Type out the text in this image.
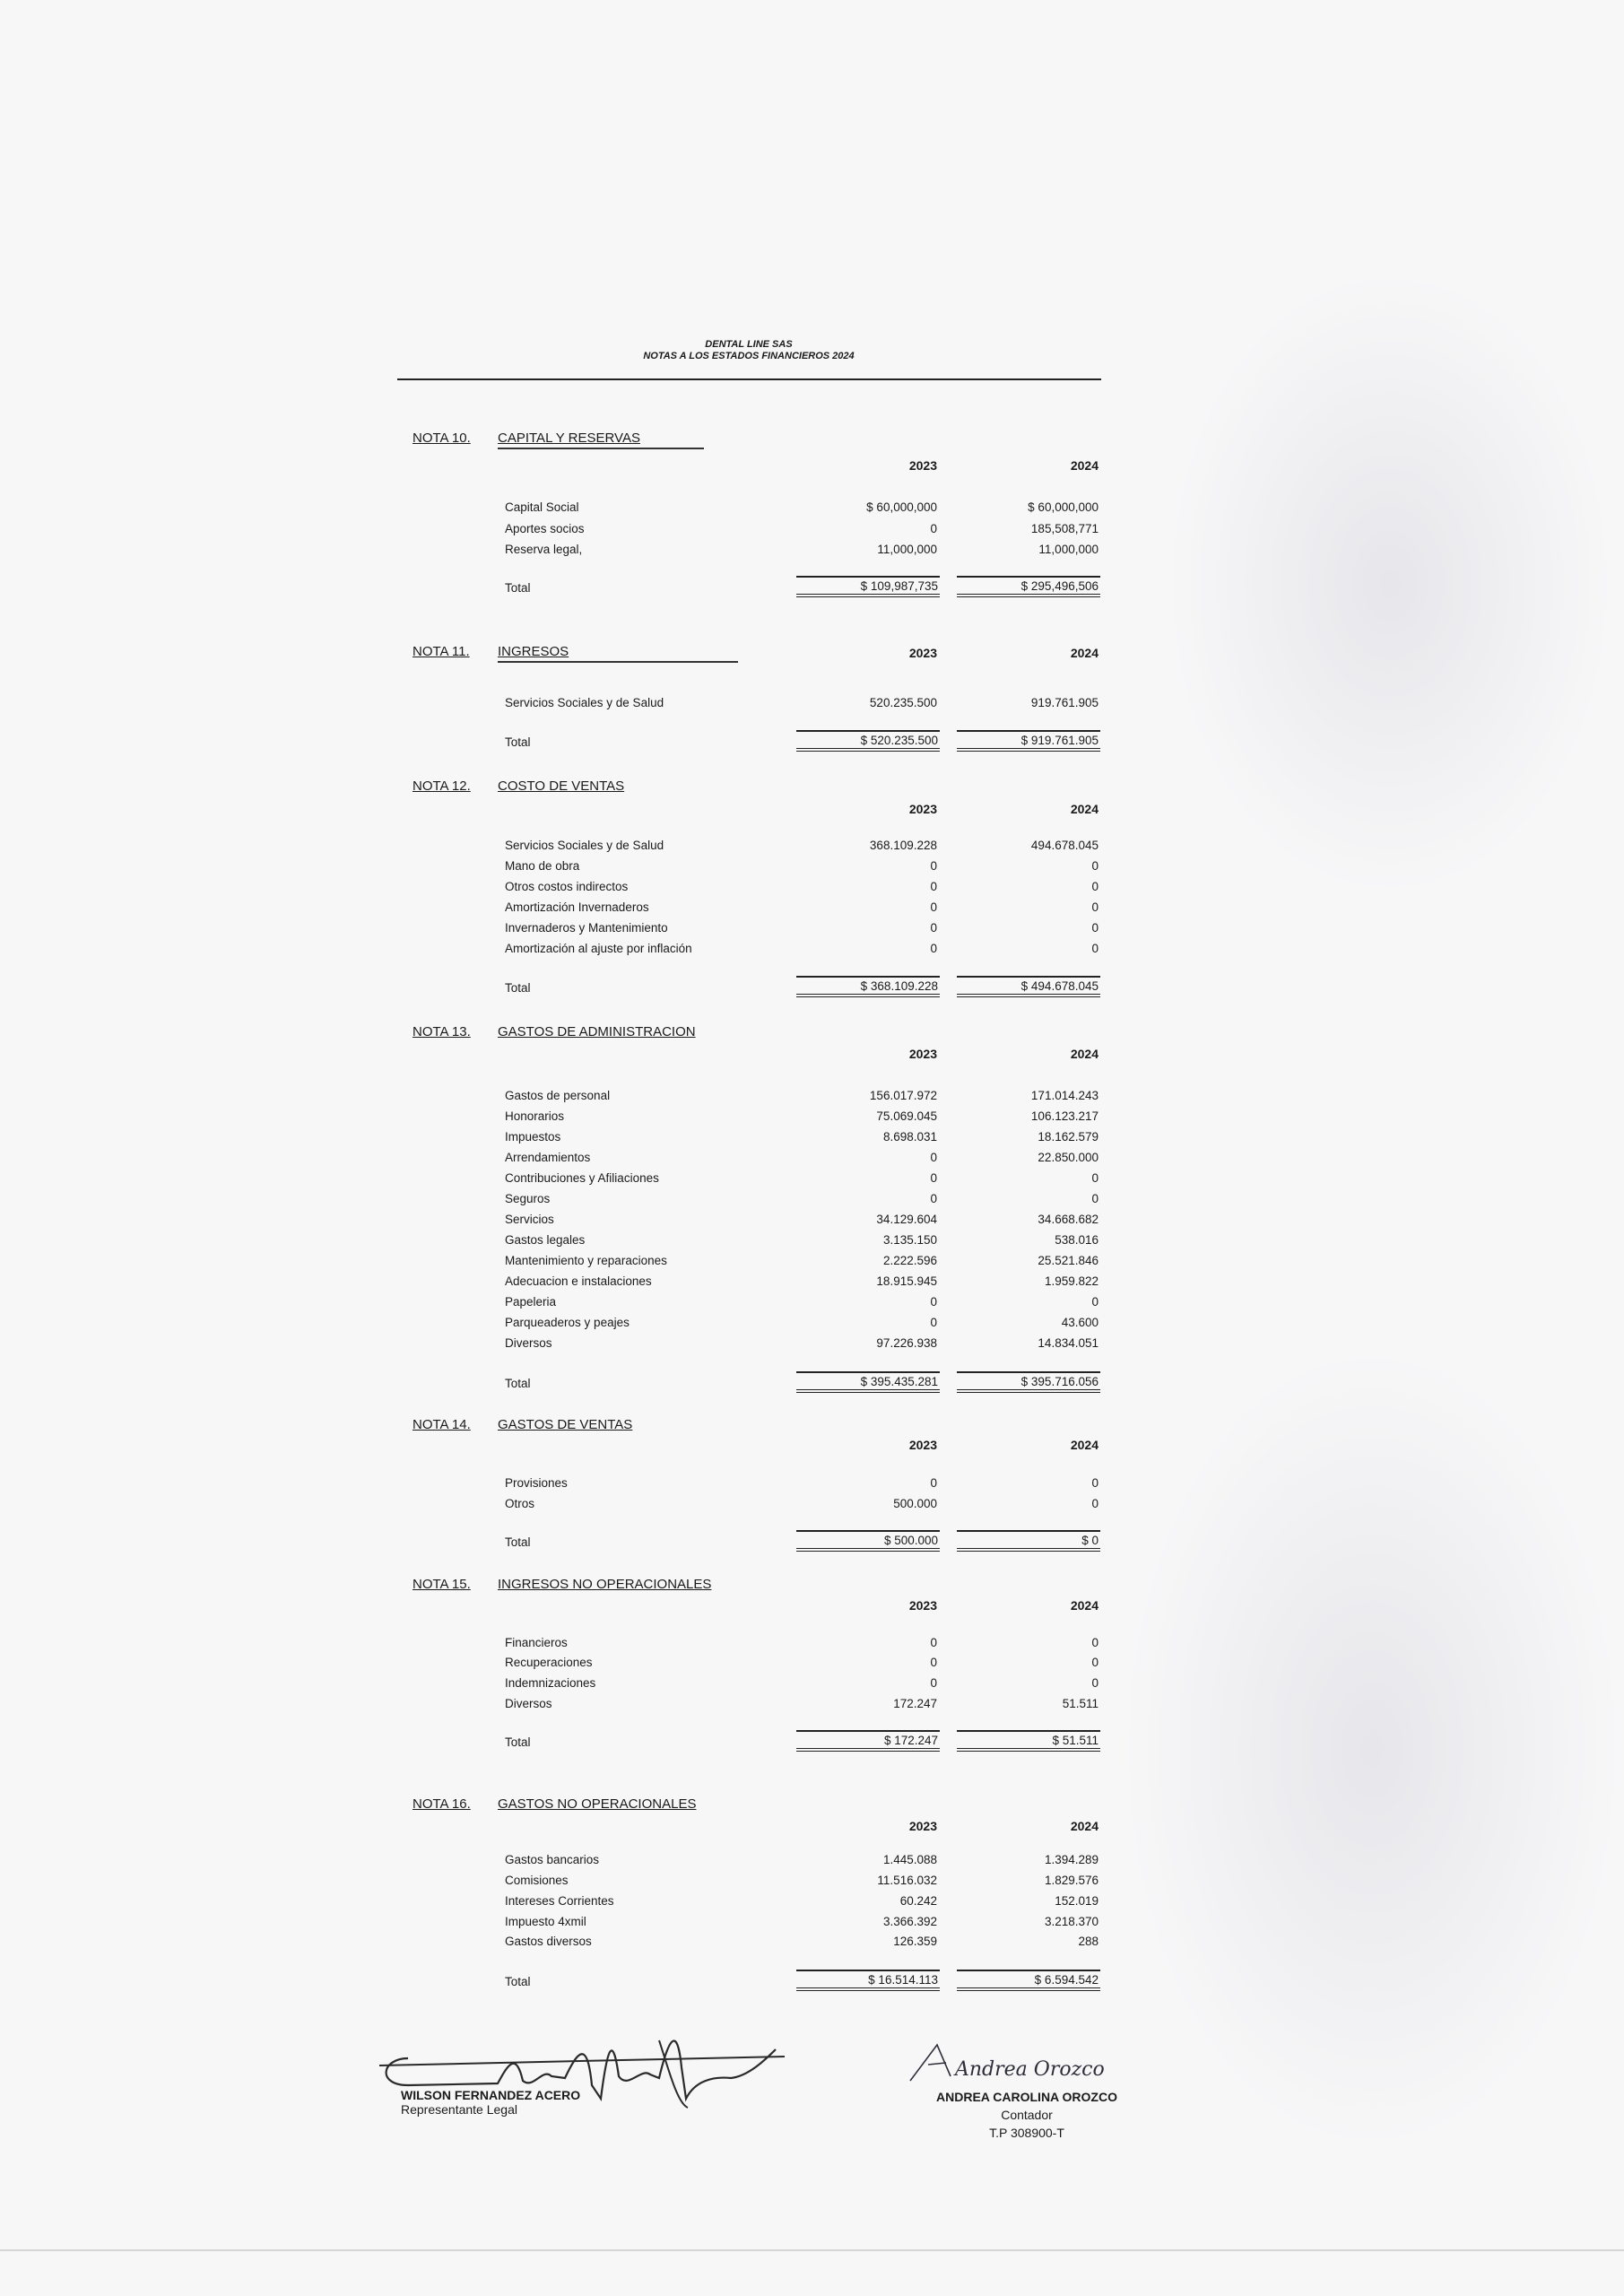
DENTAL LINE SAS
NOTAS A LOS ESTADOS FINANCIEROS 2024
NOTA 10. CAPITAL Y RESERVAS
2023	2024
Capital Social	$ 60,000,000	$ 60,000,000
Aportes socios	0	185,508,771
Reserva legal,	11,000,000	11,000,000
Total	$ 109,987,735	$ 295,496,506
NOTA 11. INGRESOS	2023	2024
Servicios Sociales y de Salud	520.235.500	919.761.905
Total	$ 520.235.500	$ 919.761.905
NOTA 12. COSTO DE VENTAS
2023	2024
Servicios Sociales y de Salud	368.109.228	494.678.045
Mano de obra	0	0
Otros costos indirectos	0	0
Amortización Invernaderos	0	0
Invernaderos y Mantenimiento	0	0
Amortización al ajuste por inflación	0	0
Total	$ 368.109.228	$ 494.678.045
NOTA 13. GASTOS DE ADMINISTRACION
2023	2024
Gastos de personal	156.017.972	171.014.243
Honorarios	75.069.045	106.123.217
Impuestos	8.698.031	18.162.579
Arrendamientos	0	22.850.000
Contribuciones y Afiliaciones	0	0
Seguros	0	0
Servicios	34.129.604	34.668.682
Gastos legales	3.135.150	538.016
Mantenimiento y reparaciones	2.222.596	25.521.846
Adecuacion e instalaciones	18.915.945	1.959.822
Papeleria	0	0
Parqueaderos y peajes	0	43.600
Diversos	97.226.938	14.834.051
Total	$ 395.435.281	$ 395.716.056
NOTA 14. GASTOS DE VENTAS
2023	2024
Provisiones	0	0
Otros	500.000	0
Total	$ 500.000	$ 0
NOTA 15. INGRESOS NO OPERACIONALES
2023	2024
Financieros	0	0
Recuperaciones	0	0
Indemnizaciones	0	0
Diversos	172.247	51.511
Total	$ 172.247	$ 51.511
NOTA 16. GASTOS NO OPERACIONALES
2023	2024
Gastos bancarios	1.445.088	1.394.289
Comisiones	11.516.032	1.829.576
Intereses Corrientes	60.242	152.019
Impuesto 4xmil	3.366.392	3.218.370
Gastos diversos	126.359	288
Total	$ 16.514.113	$ 6.594.542
WILSON FERNANDEZ ACERO
Representante Legal
Andrea Orozco
ANDREA CAROLINA OROZCO
Contador
T.P 308900-T
